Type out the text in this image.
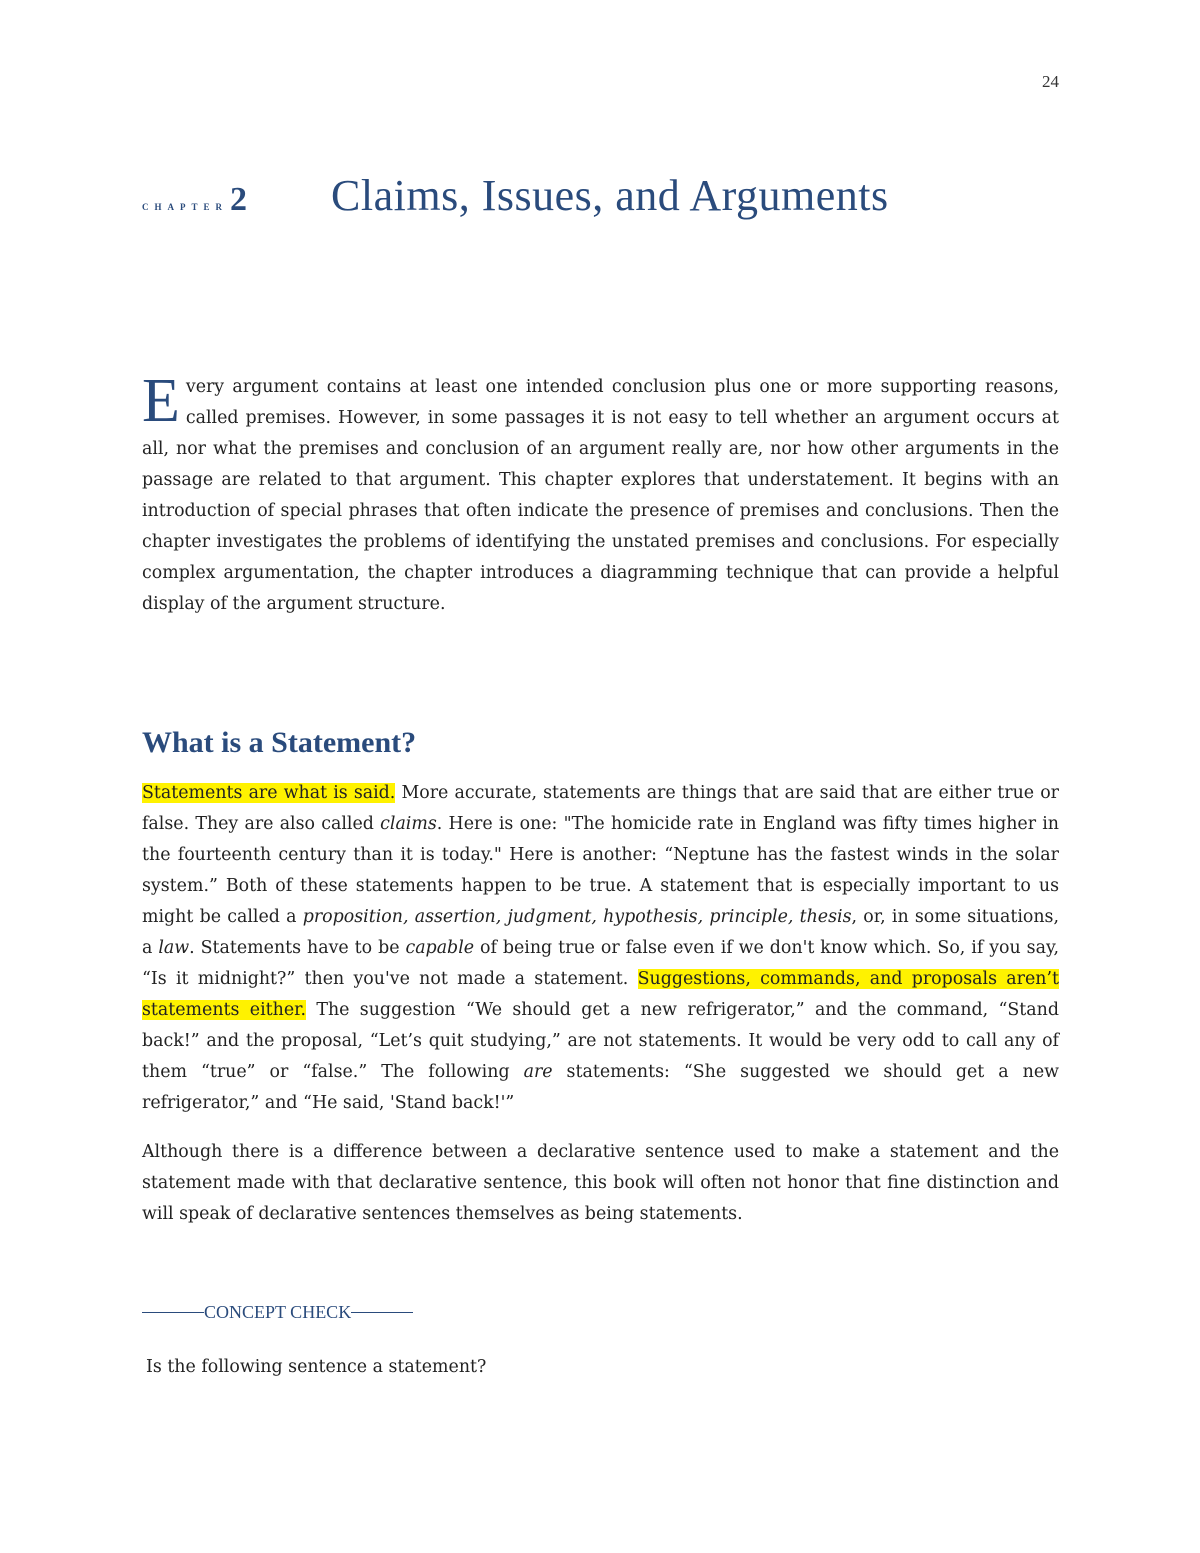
24
CHAPTER 2 Claims, Issues, and Arguments

Every argument contains at least one intended conclusion plus one or more supporting reasons, called premises. However, in some passages it is not easy to tell whether an argument occurs at all, nor what the premises and conclusion of an argument really are, nor how other arguments in the passage are related to that argument. This chapter explores that understatement. It begins with an introduction of special phrases that often indicate the presence of premises and conclusions. Then the chapter investigates the problems of identifying the unstated premises and conclusions. For especially complex argumentation, the chapter introduces a diagramming technique that can provide a helpful display of the argument structure.

What is a Statement?

Statements are what is said. More accurate, statements are things that are said that are either true or false. They are also called claims. Here is one: "The homicide rate in England was fifty times higher in the fourteenth century than it is today." Here is another: “Neptune has the fastest winds in the solar system.” Both of these statements happen to be true. A statement that is especially important to us might be called a proposition, assertion, judgment, hypothesis, principle, thesis, or, in some situations, a law. Statements have to be capable of being true or false even if we don't know which. So, if you say, “Is it midnight?” then you've not made a statement. Suggestions, commands, and proposals aren’t statements either. The suggestion “We should get a new refrigerator,” and the command, “Stand back!” and the proposal, “Let’s quit studying,” are not statements. It would be very odd to call any of them “true” or “false.” The following are statements: “She suggested we should get a new refrigerator,” and “He said, 'Stand back!'”

Although there is a difference between a declarative sentence used to make a statement and the statement made with that declarative sentence, this book will often not honor that fine distinction and will speak of declarative sentences themselves as being statements.

CONCEPT CHECK

Is the following sentence a statement?
